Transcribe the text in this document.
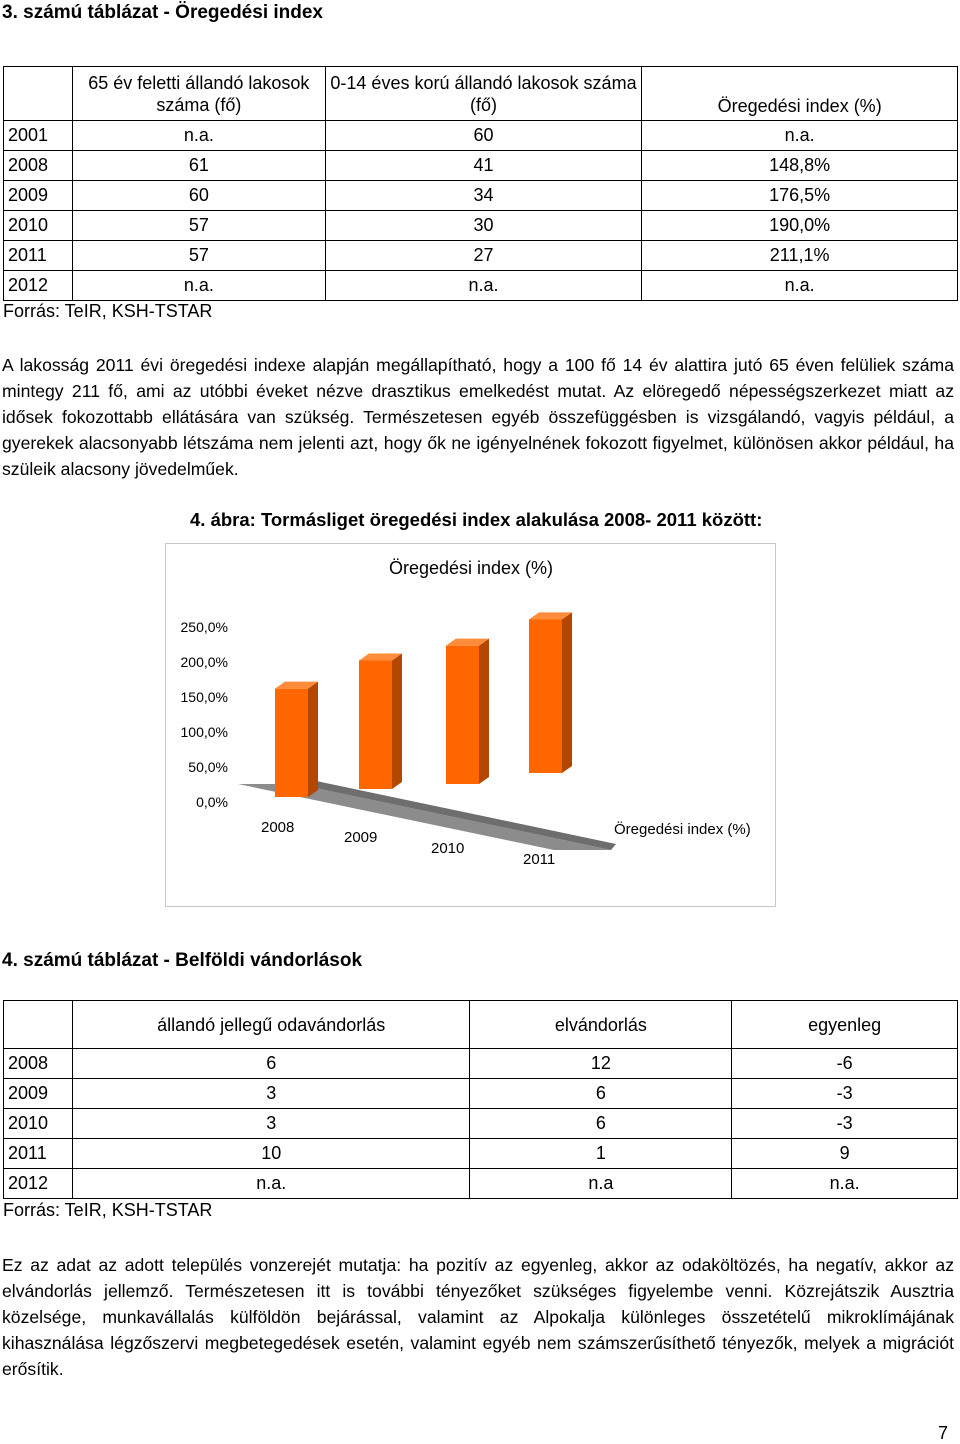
3. számú táblázat - Öregedési index
	65 év feletti állandó lakosok száma (fő)	0-14 éves korú állandó lakosok száma (fő)	Öregedési index (%)
2001	n.a.	60	n.a.
2008	61	41	148,8%
2009	60	34	176,5%
2010	57	30	190,0%
2011	57	27	211,1%
2012	n.a.	n.a.	n.a.
Forrás: TeIR, KSH-TSTAR
A lakosság 2011 évi öregedési indexe alapján megállapítható, hogy a 100 fő 14 év alattira jutó 65 éven felüliek száma mintegy 211 fő, ami az utóbbi éveket nézve drasztikus emelkedést mutat. Az elöregedő népességszerkezet miatt az idősek fokozottabb ellátására van szükség. Természetesen egyéb összefüggésben is vizsgálandó, vagyis például, a gyerekek alacsonyabb létszáma nem jelenti azt, hogy ők ne igényelnének fokozott figyelmet, különösen akkor például, ha szüleik alacsony jövedelműek.
4. ábra: Tormásliget öregedési index alakulása 2008- 2011 között:
Öregedési index (%)
0,0%
50,0%
100,0%
150,0%
200,0%
250,0%
2008
2009
2010
2011
Öregedési index (%)
4. számú táblázat - Belföldi vándorlások
	állandó jellegű odavándorlás	elvándorlás	egyenleg
2008	6	12	-6
2009	3	6	-3
2010	3	6	-3
2011	10	1	9
2012	n.a.	n.a	n.a.
Forrás: TeIR, KSH-TSTAR
Ez az adat az adott település vonzerejét mutatja: ha pozitív az egyenleg, akkor az odaköltözés, ha negatív, akkor az elvándorlás jellemző. Természetesen itt is további tényezőket szükséges figyelembe venni. Közrejátszik Ausztria közelsége, munkavállalás külföldön bejárással, valamint az Alpokalja különleges összetételű mikroklímájának kihasználása légzőszervi megbetegedések esetén, valamint egyéb nem számszerűsíthető tényezők, melyek a migrációt erősítik.
7
